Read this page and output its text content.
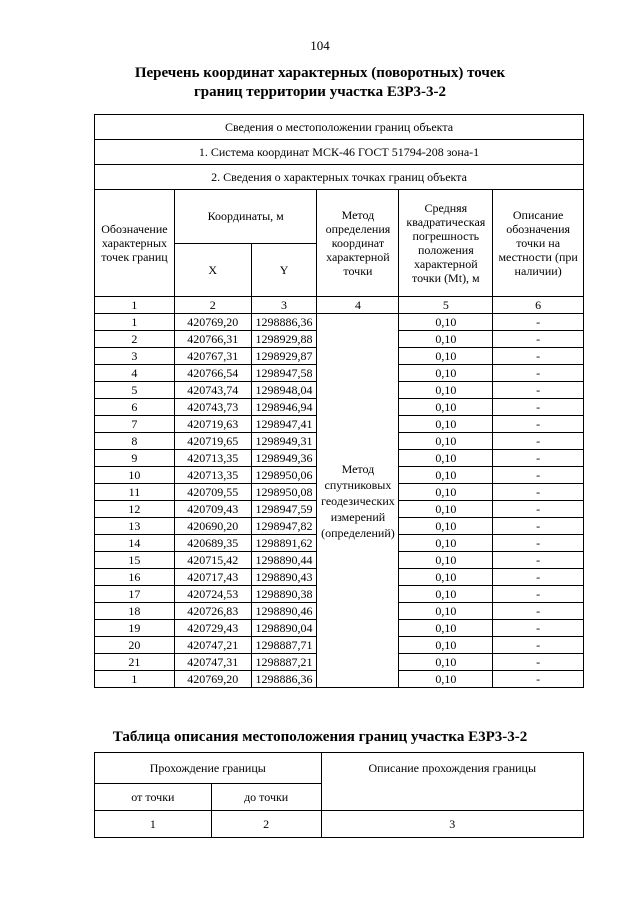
104
Перечень координат характерных (поворотных) точек
границ территории участка Е3Р3-3-2
Сведения о местоположении границ объекта					
1. Система координат МСК-46 ГОСТ 51794-208 зона-1					
2. Сведения о характерных точках границ объекта					
Обозначение характерных точек границ	Координаты, м		Метод определения координат характерной точки	Средняя квадратическая погрешность положения характерной точки (Mt), м	Описание обозначения точки на местности (при наличии)
	X	Y			
1	2	3	4	5	6
1	420769,20	1298886,36	Метод спутниковых геодезических измерений (определений)	0,10	-
2	420766,31	1298929,88		0,10	-
3	420767,31	1298929,87		0,10	-
4	420766,54	1298947,58		0,10	-
5	420743,74	1298948,04		0,10	-
6	420743,73	1298946,94		0,10	-
7	420719,63	1298947,41		0,10	-
8	420719,65	1298949,31		0,10	-
9	420713,35	1298949,36		0,10	-
10	420713,35	1298950,06		0,10	-
11	420709,55	1298950,08		0,10	-
12	420709,43	1298947,59		0,10	-
13	420690,20	1298947,82		0,10	-
14	420689,35	1298891,62		0,10	-
15	420715,42	1298890,44		0,10	-
16	420717,43	1298890,43		0,10	-
17	420724,53	1298890,38		0,10	-
18	420726,83	1298890,46		0,10	-
19	420729,43	1298890,04		0,10	-
20	420747,21	1298887,71		0,10	-
21	420747,31	1298887,21		0,10	-
1	420769,20	1298886,36		0,10	-
Таблица описания местоположения границ участка Е3Р3-3-2
Прохождение границы		Описание прохождения границы
от точки	до точки	
1	2	3
